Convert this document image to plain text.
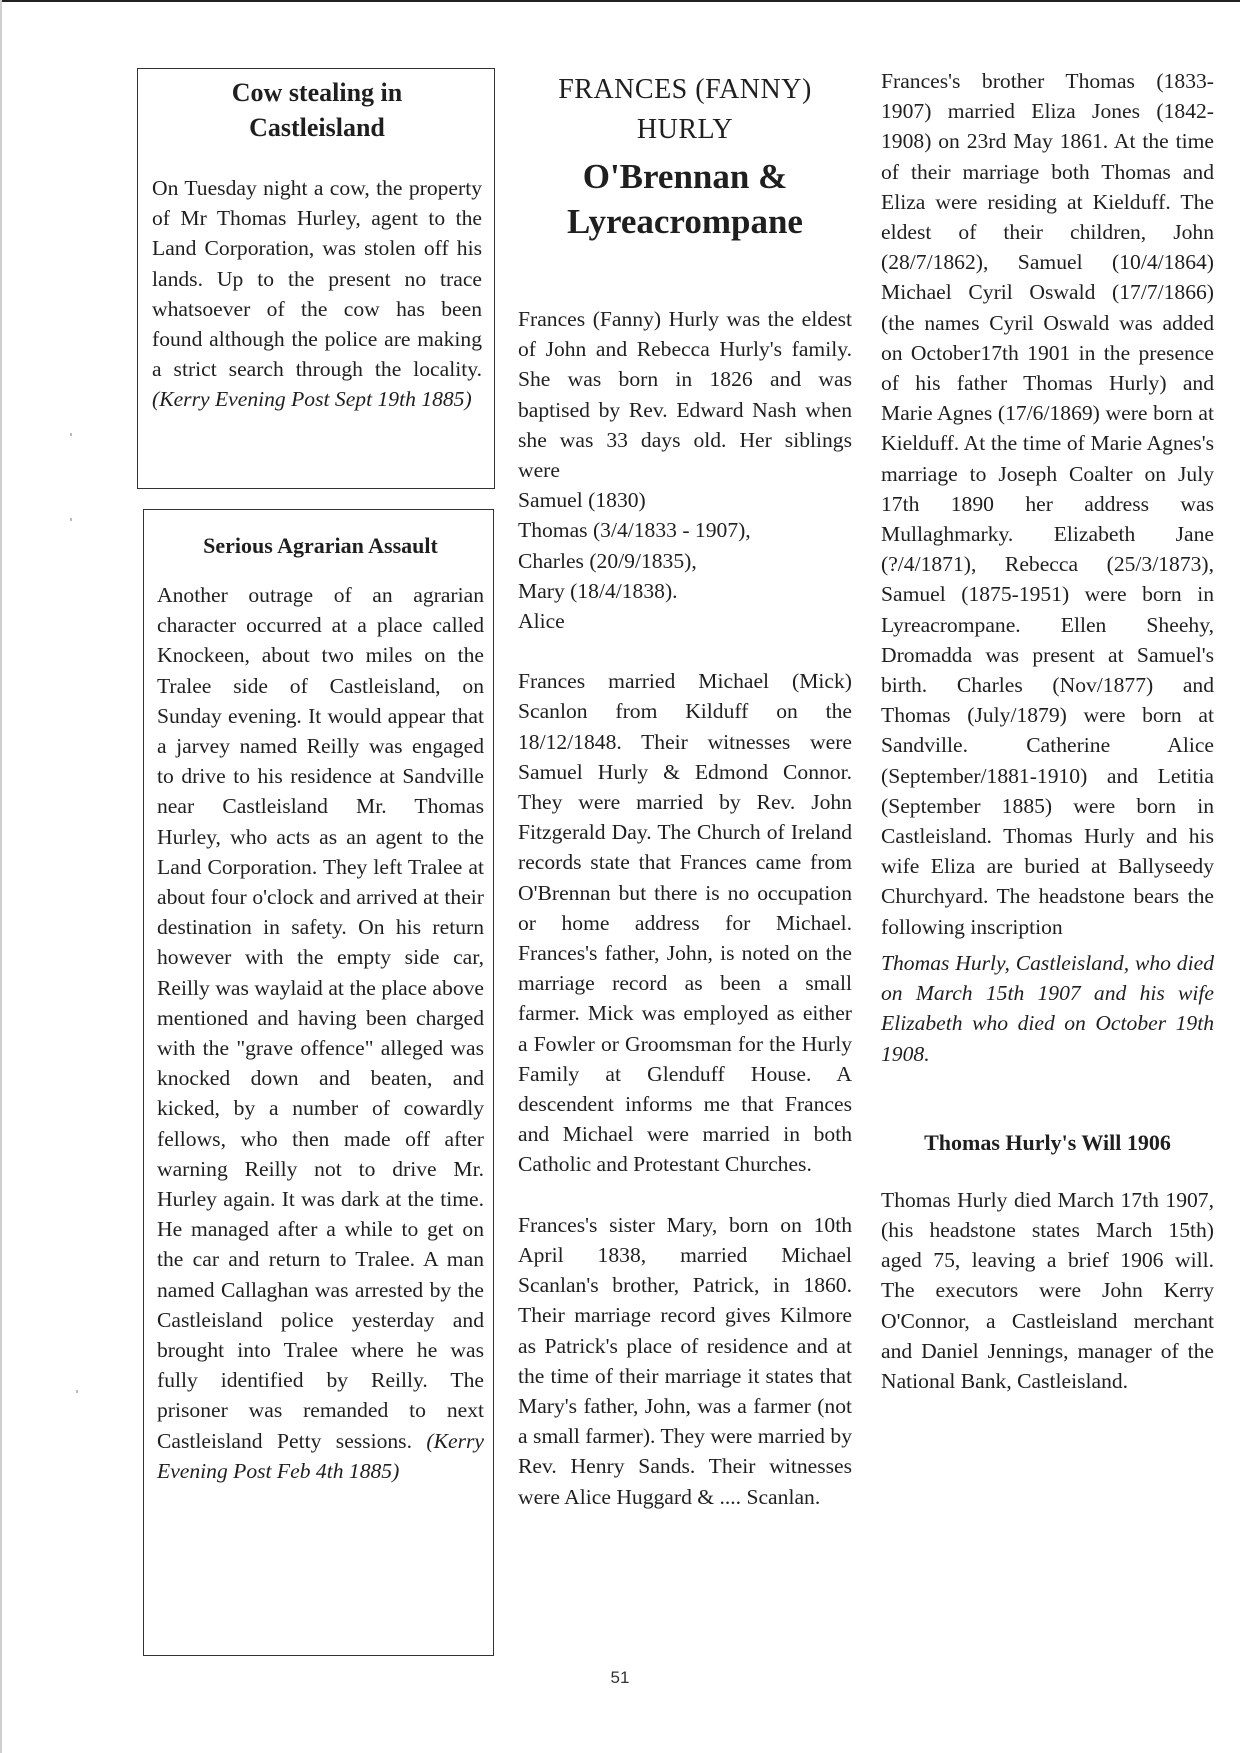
Cow stealing in

Castleisland

On Tuesday night a cow, the property of Mr Thomas Hurley, agent to the Land Corporation, was stolen off his lands. Up to the present no trace whatsoever of the cow has been found although the police are making a strict search through the locality. (Kerry Evening Post Sept 19th 1885)

Serious Agrarian Assault

Another outrage of an agrarian character occurred at a place called Knockeen, about two miles on the Tralee side of Castleisland, on Sunday evening. It would appear that a jarvey named Reilly was engaged to drive to his residence at Sandville near Castleisland Mr. Thomas Hurley, who acts as an agent to the Land Corporation. They left Tralee at about four o'clock and arrived at their destination in safety. On his return however with the empty side car, Reilly was waylaid at the place above mentioned and having been charged with the "grave offence" alleged was knocked down and beaten, and kicked, by a number of cowardly fellows, who then made off after warning Reilly not to drive Mr. Hurley again. It was dark at the time. He managed after a while to get on the car and return to Tralee. A man named Callaghan was arrested by the Castleisland police yesterday and brought into Tralee where he was fully identified by Reilly. The prisoner was remanded to next Castleisland Petty sessions. (Kerry Evening Post Feb 4th 1885)

FRANCES (FANNY)

HURLY

O'Brennan &

Lyreacrompane

Frances (Fanny) Hurly was the eldest of John and Rebecca Hurly's family. She was born in 1826 and was baptised by Rev. Edward Nash when she was 33 days old. Her siblings were

Samuel (1830)

Thomas (3/4/1833 - 1907),

Charles (20/9/1835),

Mary (18/4/1838).

Alice

Frances married Michael (Mick) Scanlon from Kilduff on the 18/12/1848. Their witnesses were Samuel Hurly & Edmond Connor. They were married by Rev. John Fitzgerald Day. The Church of Ireland records state that Frances came from O'Brennan but there is no occupation or home address for Michael. Frances's father, John, is noted on the marriage record as been a small farmer. Mick was employed as either a Fowler or Groomsman for the Hurly Family at Glenduff House. A descendent informs me that Frances and Michael were married in both Catholic and Protestant Churches.

Frances's sister Mary, born on 10th April 1838, married Michael Scanlan's brother, Patrick, in 1860. Their marriage record gives Kilmore as Patrick's place of residence and at the time of their marriage it states that Mary's father, John, was a farmer (not a small farmer). They were married by Rev. Henry Sands. Their witnesses were Alice Huggard & .... Scanlan.

Frances's brother Thomas (1833-1907) married Eliza Jones (1842-1908) on 23rd May 1861. At the time of their marriage both Thomas and Eliza were residing at Kielduff. The eldest of their children, John (28/7/1862), Samuel (10/4/1864) Michael Cyril Oswald (17/7/1866) (the names Cyril Oswald was added on October17th 1901 in the presence of his father Thomas Hurly) and Marie Agnes (17/6/1869) were born at Kielduff. At the time of Marie Agnes's marriage to Joseph Coalter on July 17th 1890 her address was Mullaghmarky. Elizabeth Jane (?/4/1871), Rebecca (25/3/1873), Samuel (1875-1951) were born in Lyreacrompane. Ellen Sheehy, Dromadda was present at Samuel's birth. Charles (Nov/1877) and Thomas (July/1879) were born at Sandville. Catherine Alice (September/1881-1910) and Letitia (September 1885) were born in Castleisland. Thomas Hurly and his wife Eliza are buried at Ballyseedy Churchyard. The headstone bears the following inscription

Thomas Hurly, Castleisland, who died on March 15th 1907 and his wife Elizabeth who died on October 19th 1908.

Thomas Hurly's Will 1906

Thomas Hurly died March 17th 1907, (his headstone states March 15th) aged 75, leaving a brief 1906 will. The executors were John Kerry O'Connor, a Castleisland merchant and Daniel Jennings, manager of the National Bank, Castleisland.

51
